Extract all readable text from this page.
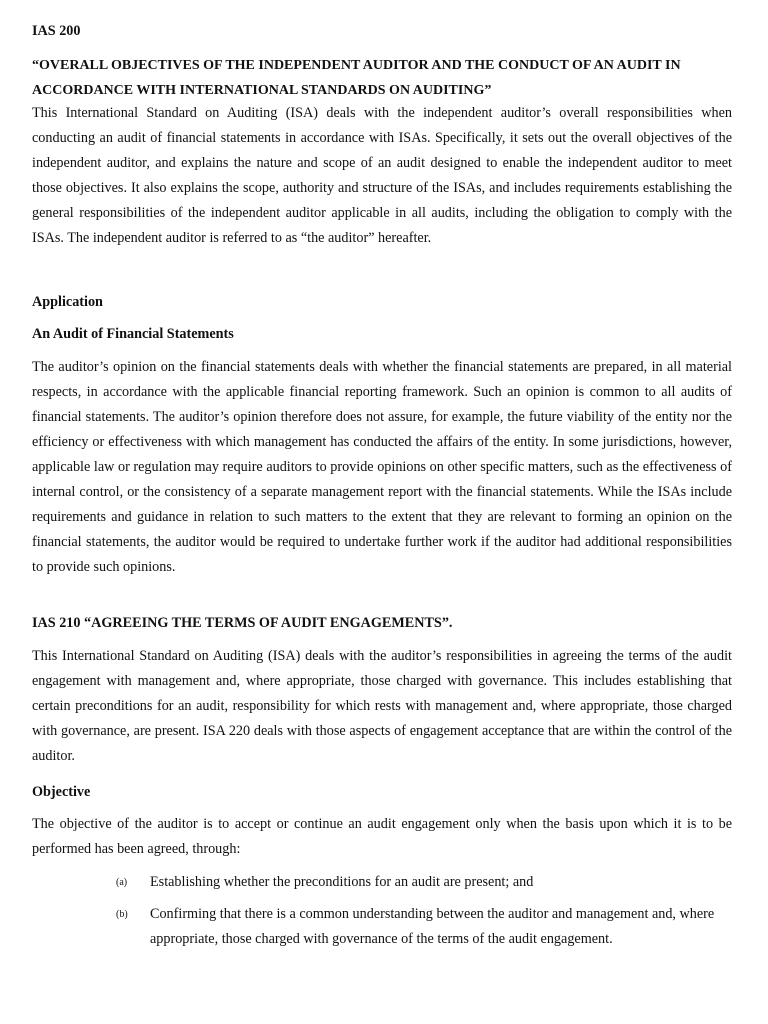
IAS 200

“OVERALL OBJECTIVES OF THE INDEPENDENT AUDITOR AND THE CONDUCT OF AN AUDIT IN ACCORDANCE WITH INTERNATIONAL STANDARDS ON AUDITING”

This International Standard on Auditing (ISA) deals with the independent auditor’s overall responsibilities when conducting an audit of financial statements in accordance with ISAs. Specifically, it sets out the overall objectives of the independent auditor, and explains the nature and scope of an audit designed to enable the independent auditor to meet those objectives. It also explains the scope, authority and structure of the ISAs, and includes requirements establishing the general responsibilities of the independent auditor applicable in all audits, including the obligation to comply with the ISAs. The independent auditor is referred to as “the auditor” hereafter.

Application

An Audit of Financial Statements

The auditor’s opinion on the financial statements deals with whether the financial statements are prepared, in all material respects, in accordance with the applicable financial reporting framework. Such an opinion is common to all audits of financial statements. The auditor’s opinion therefore does not assure, for example, the future viability of the entity nor the efficiency or effectiveness with which management has conducted the affairs of the entity. In some jurisdictions, however, applicable law or regulation may require auditors to provide opinions on other specific matters, such as the effectiveness of internal control, or the consistency of a separate management report with the financial statements. While the ISAs include requirements and guidance in relation to such matters to the extent that they are relevant to forming an opinion on the financial statements, the auditor would be required to undertake further work if the auditor had additional responsibilities to provide such opinions.

IAS 210 “AGREEING THE TERMS OF AUDIT ENGAGEMENTS”.

This International Standard on Auditing (ISA) deals with the auditor’s responsibilities in agreeing the terms of the audit engagement with management and, where appropriate, those charged with governance. This includes establishing that certain preconditions for an audit, responsibility for which rests with management and, where appropriate, those charged with governance, are present. ISA 220 deals with those aspects of engagement acceptance that are within the control of the auditor.

Objective

The objective of the auditor is to accept or continue an audit engagement only when the basis upon which it is to be performed has been agreed, through:

(a) Establishing whether the preconditions for an audit are present; and
(b) Confirming that there is a common understanding between the auditor and management and, where appropriate, those charged with governance of the terms of the audit engagement.
